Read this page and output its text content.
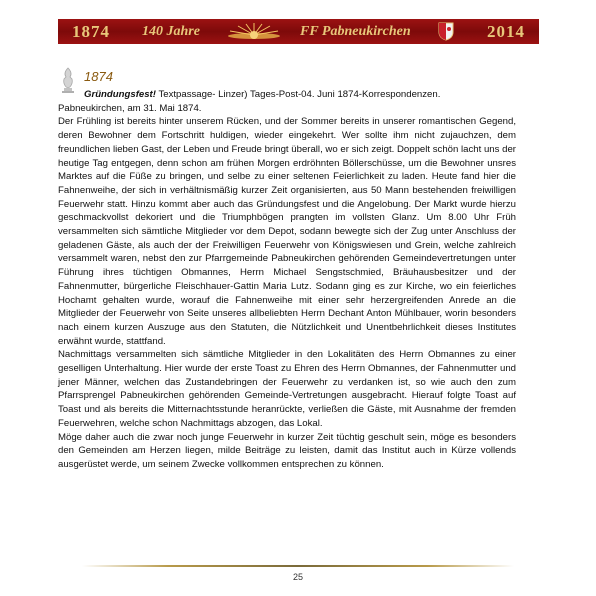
1874 140 Jahre	FF Pabneukirchen	2014
1874

Gründungsfest! Textpassage- Linzer) Tages-Post-04. Juni 1874-Korrespondenzen.

Pabneukirchen, am 31. Mai 1874.

Der Frühling ist bereits hinter unserem Rücken, und der Sommer bereits in unserer romantischen Gegend, deren Bewohner dem Fortschritt huldigen, wieder eingekehrt. Wer sollte ihm nicht zujauchzen, dem freundlichen lieben Gast, der Leben und Freude bringt überall, wo er sich zeigt. Doppelt schön lacht uns der heutige Tag entgegen, denn schon am frühen Morgen erdröhnten Böllerschüsse, um die Bewohner unsres Marktes auf die Füße zu bringen, und selbe zu einer seltenen Feierlichkeit zu laden. Heute fand hier die Fahnenweihe, der sich in verhältnismäßig kurzer Zeit organisierten, aus 50 Mann bestehenden freiwilligen Feuerwehr statt. Hinzu kommt aber auch das Gründungsfest und die Angelobung. Der Markt wurde hierzu geschmackvollst dekoriert und die Triumphbögen prangten im vollsten Glanz. Um 8.00 Uhr Früh versammelten sich sämtliche Mitglieder vor dem Depot, sodann bewegte sich der Zug unter Anschluss der geladenen Gäste, als auch der der Freiwilligen Feuerwehr von Königswiesen und Grein, welche zahlreich versammelt waren, nebst den zur Pfarrgemeinde Pabneukirchen gehörenden Gemeindevertretungen unter Führung ihres tüchtigen Obmannes, Herrn Michael Sengstschmied, Bräuhausbesitzer und der Fahnenmutter, bürgerliche Fleischhauer-Gattin Maria Lutz. Sodann ging es zur Kirche, wo ein feierliches Hochamt gehalten wurde, worauf die Fahnenweihe mit einer sehr herzergreifenden Anrede an die Mitglieder der Feuerwehr von Seite unseres allbeliebten Herrn Dechant Anton Mühlbauer, worin besonders nach einem kurzen Auszuge aus den Statuten, die Nützlichkeit und Unentbehrlichkeit dieses Institutes erwähnt wurde, stattfand.

Nachmittags versammelten sich sämtliche Mitglieder in den Lokalitäten des Herrn Obmannes zu einer geselligen Unterhaltung. Hier wurde der erste Toast zu Ehren des Herrn Obmannes, der Fahnenmutter und jener Männer, welchen das Zustandebringen der Feuerwehr zu verdanken ist, so wie auch den zum Pfarrsprengel Pabneukirchen gehörenden Gemeinde-Vertretungen ausgebracht. Hierauf folgte Toast auf Toast und als bereits die Mitternachtsstunde heranrückte, verließen die Gäste, mit Ausnahme der fremden Feuerwehren, welche schon Nachmittags abzogen, das Lokal.

Möge daher auch die zwar noch junge Feuerwehr in kurzer Zeit tüchtig geschult sein, möge es besonders den Gemeinden am Herzen liegen, milde Beiträge zu leisten, damit das Institut auch in Kürze vollends ausgerüstet werde, um seinem Zwecke vollkommen entsprechen zu können.

25
